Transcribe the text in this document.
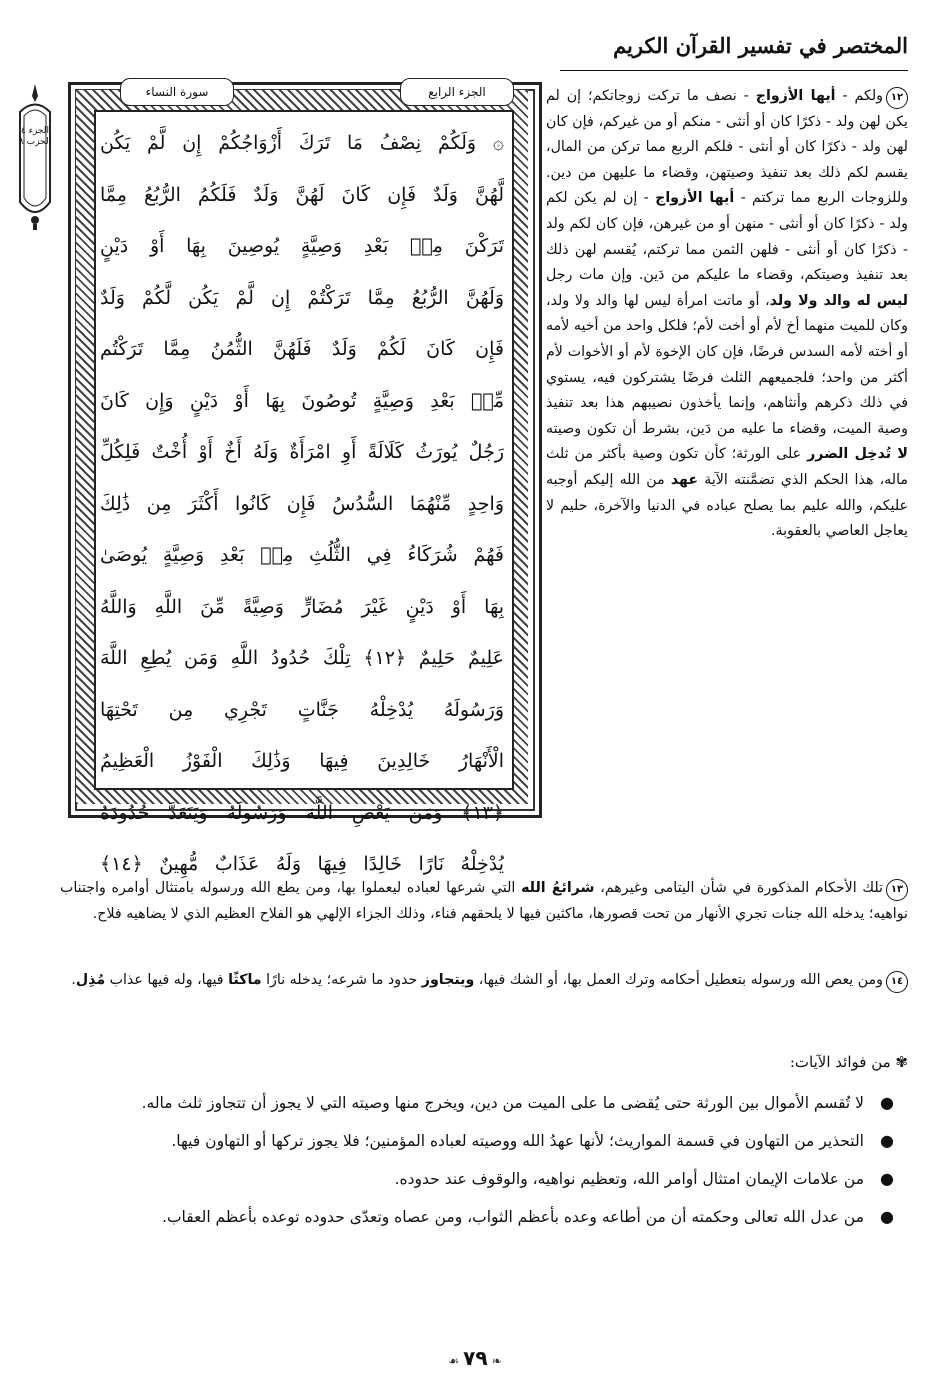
المختصر في تفسير القرآن الكريم
الجزء ٤ الحزب ٨
سورة النساء	الجزء الرابع
۞ وَلَكُمْ نِصْفُ مَا تَرَكَ أَزْوَاجُكُمْ إِن لَّمْ يَكُن
لَّهُنَّ وَلَدٌ فَإِن كَانَ لَهُنَّ وَلَدٌ فَلَكُمُ الرُّبُعُ مِمَّا
تَرَكْنَ مِنۢ بَعْدِ وَصِيَّةٍ يُوصِينَ بِهَا أَوْ دَيْنٍ
وَلَهُنَّ الرُّبُعُ مِمَّا تَرَكْتُمْ إِن لَّمْ يَكُن لَّكُمْ وَلَدٌ
فَإِن كَانَ لَكُمْ وَلَدٌ فَلَهُنَّ الثُّمُنُ مِمَّا تَرَكْتُم
مِّنۢ بَعْدِ وَصِيَّةٍ تُوصُونَ بِهَا أَوْ دَيْنٍ وَإِن كَانَ
رَجُلٌ يُورَثُ كَلَالَةً أَوِ امْرَأَةٌ وَلَهُ أَخٌ أَوْ أُخْتٌ فَلِكُلِّ
وَاحِدٍ مِّنْهُمَا السُّدُسُ فَإِن كَانُوا أَكْثَرَ مِن ذَٰلِكَ
فَهُمْ شُرَكَاءُ فِي الثُّلُثِ مِنۢ بَعْدِ وَصِيَّةٍ يُوصَىٰ
بِهَا أَوْ دَيْنٍ غَيْرَ مُضَارٍّ وَصِيَّةً مِّنَ اللَّهِ وَاللَّهُ
عَلِيمٌ حَلِيمٌ ﴿١٢﴾ تِلْكَ حُدُودُ اللَّهِ وَمَن يُطِعِ اللَّهَ
وَرَسُولَهُ يُدْخِلْهُ جَنَّاتٍ تَجْرِي مِن تَحْتِهَا
الْأَنْهَارُ خَالِدِينَ فِيهَا وَذَٰلِكَ الْفَوْزُ الْعَظِيمُ
﴿١٣﴾ وَمَن يَعْصِ اللَّهَ وَرَسُولَهُ وَيَتَعَدَّ حُدُودَهُ
يُدْخِلْهُ نَارًا خَالِدًا فِيهَا وَلَهُ عَذَابٌ مُّهِينٌ ﴿١٤﴾
١٢ولكم - أيها الأزواج - نصف ما تركت زوجاتكم؛ إن لم يكن لهن ولد - ذكرًا كان أو أنثى - منكم أو من غيركم، فإن كان لهن ولد - ذكرًا كان أو أنثى - فلكم الربع مما تركن من المال، يقسم لكم ذلك بعد تنفيذ وصيتهن، وقضاء ما عليهن من دين. وللزوجات الربع مما تركتم - أيها الأزواج - إن لم يكن لكم ولد - ذكرًا كان أو أنثى - منهن أو من غيرهن، فإن كان لكم ولد - ذكرًا كان أو أنثى - فلهن الثمن مما تركتم، يُقسم لهن ذلك بعد تنفيذ وصيتكم، وقضاء ما عليكم من دَين. وإن مات رجل ليس له والد ولا ولد، أو ماتت امرأة ليس لها والد ولا ولد، وكان للميت منهما أخ لأم أو أخت لأم؛ فلكل واحد من أخيه لأمه أو أخته لأمه السدس فرضًا، فإن كان الإخوة لأم أو الأخوات لأم أكثر من واحد؛ فلجميعهم الثلث فرضًا يشتركون فيه، يستوي في ذلك ذكرهم وأنثاهم، وإنما يأخذون نصيبهم هذا بعد تنفيذ وصية الميت، وقضاء ما عليه من دَين، بشرط أن تكون وصيته لا تُدخِل الضرر على الورثة؛ كأن تكون وصية بأكثر من ثلث ماله، هذا الحكم الذي تضمَّنته الآية عهد من الله إليكم أوجبه عليكم، والله عليم بما يصلح عباده في الدنيا والآخرة، حليم لا يعاجل العاصي بالعقوبة.
١٣تلك الأحكام المذكورة في شأن اليتامى وغيرهم، شرائعُ الله التي شرعها لعباده ليعملوا بها، ومن يطع الله ورسوله بامتثال أوامره واجتناب نواهيه؛ يدخله الله جنات تجري الأنهار من تحت قصورها، ماكثين فيها لا يلحقهم فناء، وذلك الجزاء الإلهي هو الفلاح العظيم الذي لا يضاهيه فلاح.
١٤ومن يعص الله ورسوله بتعطيل أحكامه وترك العمل بها، أو الشك فيها، ويتجاوز حدود ما شرعه؛ يدخله نارًا ماكثًا فيها، وله فيها عذاب مُذِل.
✾ من فوائد الآيات:
●
لا تُقسم الأموال بين الورثة حتى يُقضى ما على الميت من دين، ويخرج منها وصيته التي لا يجوز أن تتجاوز ثلث ماله.
●
التحذير من التهاون في قسمة المواريث؛ لأنها عهدُ الله ووصيته لعباده المؤمنين؛ فلا يجوز تركها أو التهاون فيها.
●
من علامات الإيمان امتثال أوامر الله، وتعظيم نواهيه، والوقوف عند حدوده.
●
من عدل الله تعالى وحكمته أن من أطاعه وعده بأعظم الثواب، ومن عصاه وتعدّى حدوده توعده بأعظم العقاب.
❧ ٧٩ ☙
